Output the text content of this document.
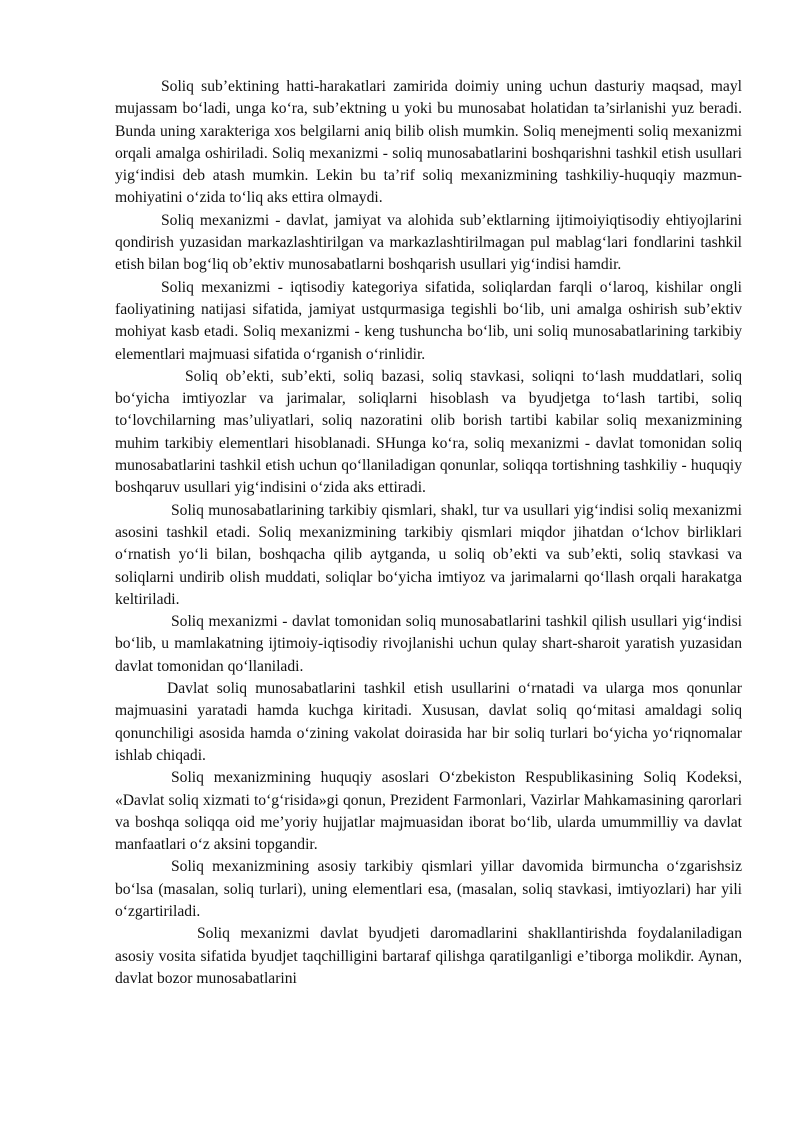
Soliq sub’ektining hatti-harakatlari zamirida doimiy uning uchun dasturiy maqsad, mayl mujassam bo‘ladi, unga ko‘ra, sub’ektning u yoki bu munosabat holatidan ta’sirlanishi yuz beradi. Bunda uning xarakteriga xos belgilarni aniq bilib olish mumkin. Soliq menejmenti soliq mexanizmi orqali amalga oshiriladi. Soliq mexanizmi - soliq munosabatlarini boshqarishni tashkil etish usullari yig‘indisi deb atash mumkin. Lekin bu ta’rif soliq mexanizmining tashkiliy-huquqiy mazmun-mohiyatini o‘zida to‘liq aks ettira olmaydi.

Soliq mexanizmi - davlat, jamiyat va alohida sub’ektlarning ijtimoiyiqtisodiy ehtiyojlarini qondirish yuzasidan markazlashtirilgan va markazlashtirilmagan pul mablag‘lari fondlarini tashkil etish bilan bog‘liq ob’ektiv munosabatlarni boshqarish usullari yig‘indisi hamdir.

Soliq mexanizmi - iqtisodiy kategoriya sifatida, soliqlardan farqli o‘laroq, kishilar ongli faoliyatining natijasi sifatida, jamiyat ustqurmasiga tegishli bo‘lib, uni amalga oshirish sub’ektiv mohiyat kasb etadi. Soliq mexanizmi - keng tushuncha bo‘lib, uni soliq munosabatlarining tarkibiy elementlari majmuasi sifatida o‘rganish o‘rinlidir.

Soliq ob’ekti, sub’ekti, soliq bazasi, soliq stavkasi, soliqni to‘lash muddatlari, soliq bo‘yicha imtiyozlar va jarimalar, soliqlarni hisoblash va byudjetga to‘lash tartibi, soliq to‘lovchilarning mas’uliyatlari, soliq nazoratini olib borish tartibi kabilar soliq mexanizmining muhim tarkibiy elementlari hisoblanadi. SHunga ko‘ra, soliq mexanizmi - davlat tomonidan soliq munosabatlarini tashkil etish uchun qo‘llaniladigan qonunlar, soliqqa tortishning tashkiliy - huquqiy boshqaruv usullari yig‘indisini o‘zida aks ettiradi.

Soliq munosabatlarining tarkibiy qismlari, shakl, tur va usullari yig‘indisi soliq mexanizmi asosini tashkil etadi. Soliq mexanizmining tarkibiy qismlari miqdor jihatdan o‘lchov birliklari o‘rnatish yo‘li bilan, boshqacha qilib aytganda, u soliq ob’ekti va sub’ekti, soliq stavkasi va soliqlarni undirib olish muddati, soliqlar bo‘yicha imtiyoz va jarimalarni qo‘llash orqali harakatga keltiriladi.

Soliq mexanizmi - davlat tomonidan soliq munosabatlarini tashkil qilish usullari yig‘indisi bo‘lib, u mamlakatning ijtimoiy-iqtisodiy rivojlanishi uchun qulay shart-sharoit yaratish yuzasidan davlat tomonidan qo‘llaniladi.

Davlat soliq munosabatlarini tashkil etish usullarini o‘rnatadi va ularga mos qonunlar majmuasini yaratadi hamda kuchga kiritadi. Xususan, davlat soliq qo‘mitasi amaldagi soliq qonunchiligi asosida hamda o‘zining vakolat doirasida har bir soliq turlari bo‘yicha yo‘riqnomalar ishlab chiqadi.

Soliq mexanizmining huquqiy asoslari O‘zbekiston Respublikasining Soliq Kodeksi, «Davlat soliq xizmati to‘g‘risida»gi qonun, Prezident Farmonlari, Vazirlar Mahkamasining qarorlari va boshqa soliqqa oid me’yoriy hujjatlar majmuasidan iborat bo‘lib, ularda umummilliy va davlat manfaatlari o‘z aksini topgandir.

Soliq mexanizmining asosiy tarkibiy qismlari yillar davomida birmuncha o‘zgarishsiz bo‘lsa (masalan, soliq turlari), uning elementlari esa, (masalan, soliq stavkasi, imtiyozlari) har yili o‘zgartiriladi.

Soliq mexanizmi davlat byudjeti daromadlarini shakllantirishda foydalaniladigan asosiy vosita sifatida byudjet taqchilligini bartaraf qilishga qaratilganligi e’tiborga molikdir. Aynan, davlat bozor munosabatlarini
